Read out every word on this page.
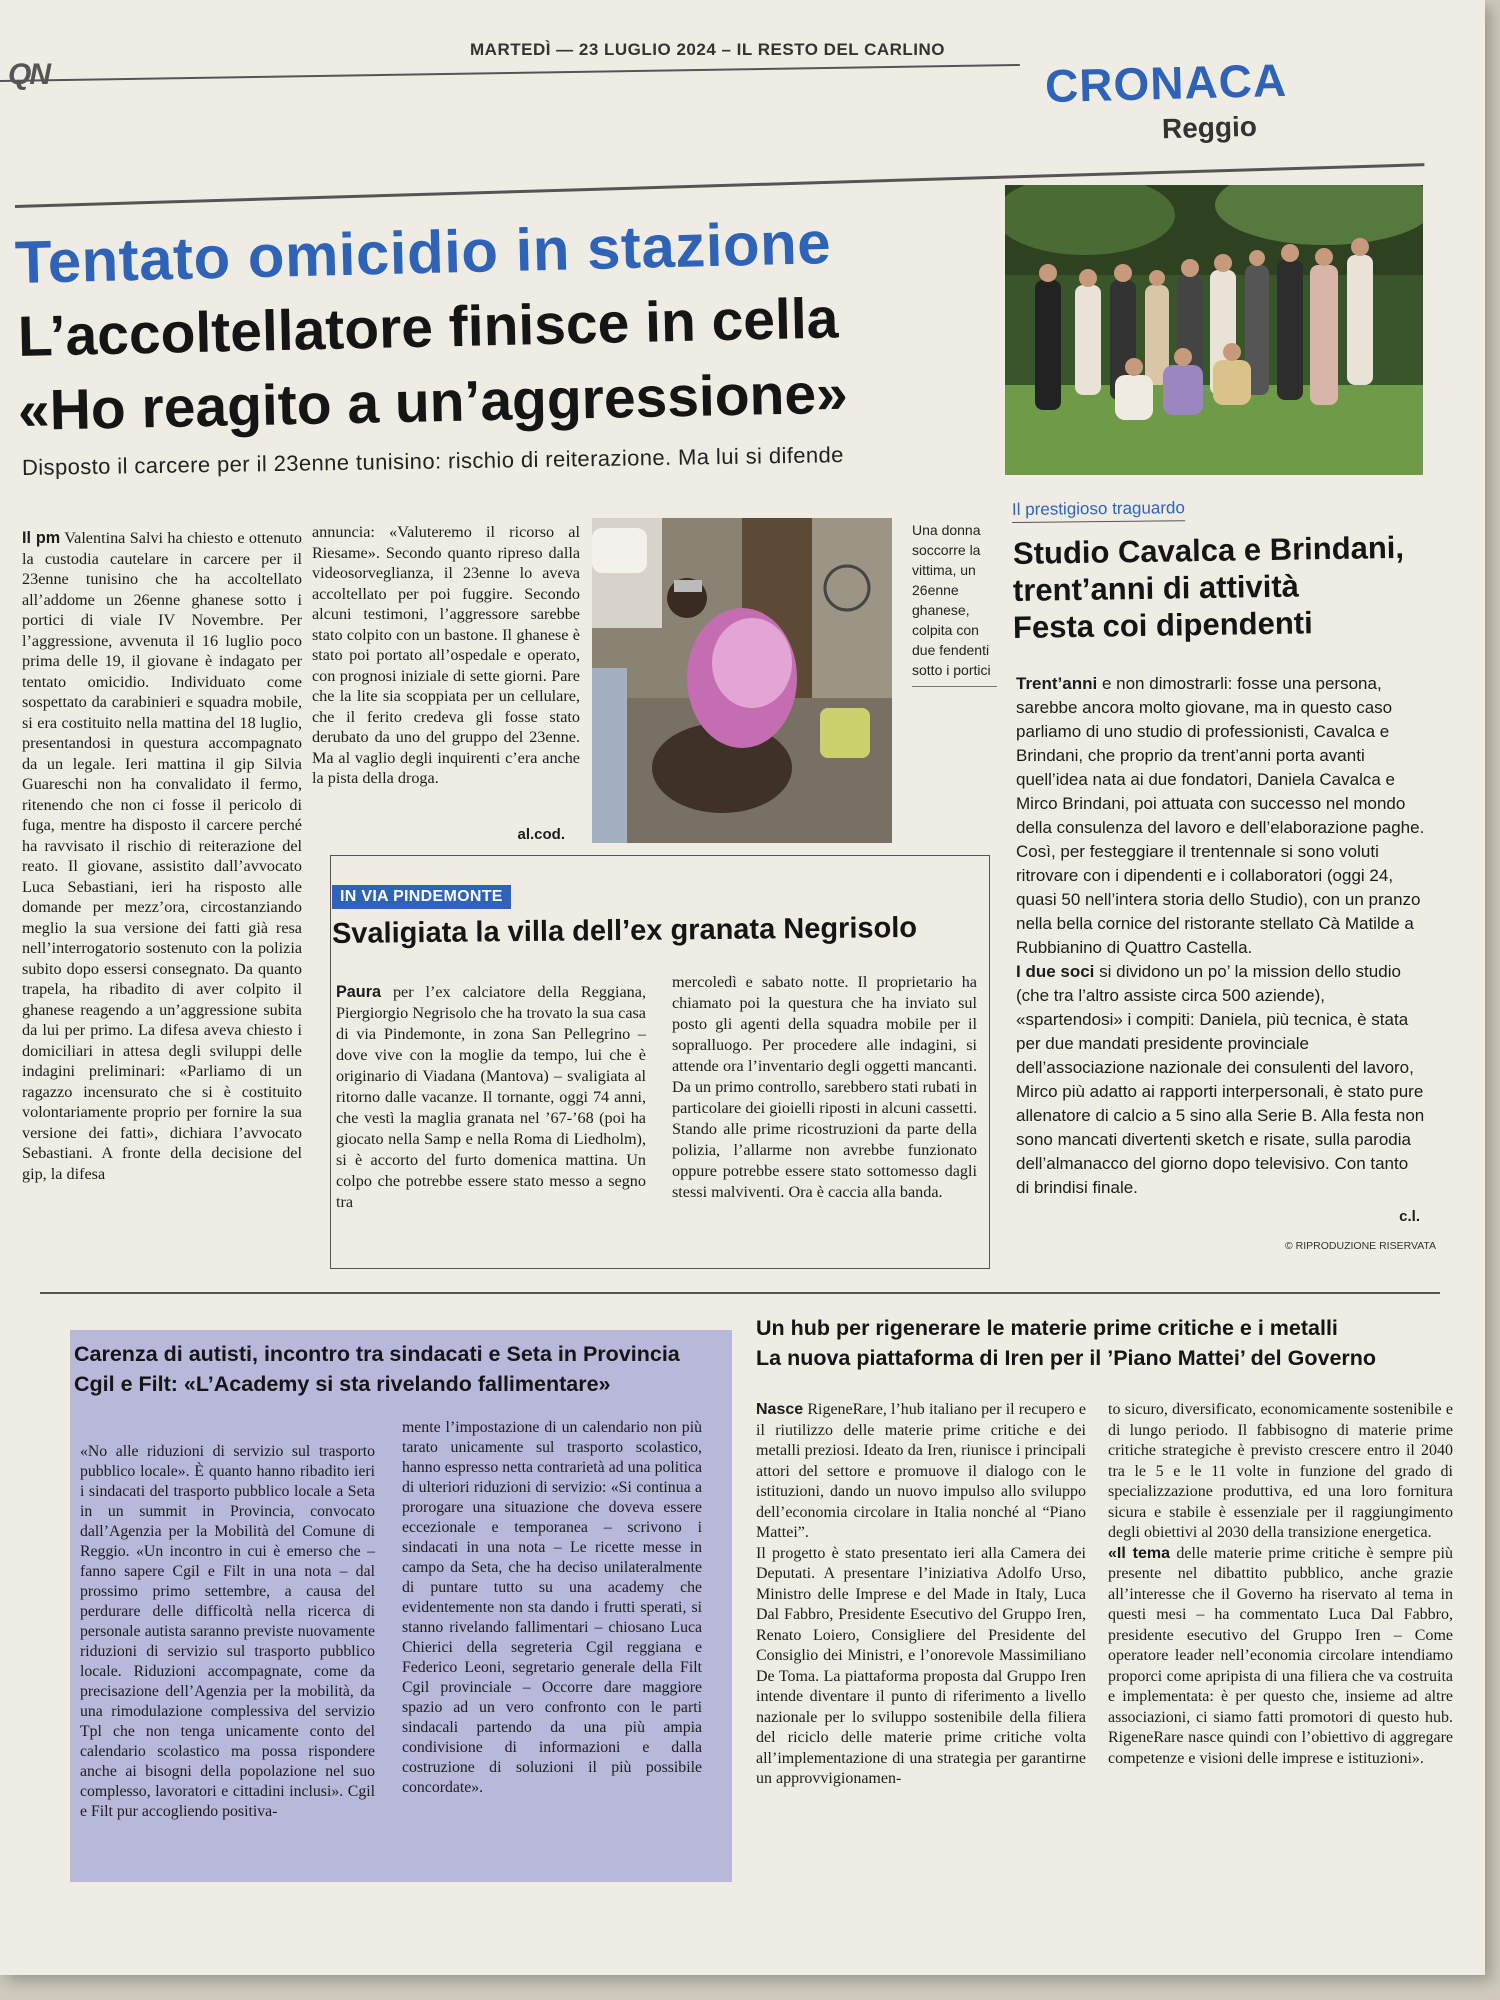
QN
MARTEDÌ — 23 LUGLIO 2024 – IL RESTO DEL CARLINO
CRONACA
Reggio
Tentato omicidio in stazione
L’accoltellatore finisce in cella
«Ho reagito a un’aggressione»
Disposto il carcere per il 23enne tunisino: rischio di reiterazione. Ma lui si difende
Il pm Valentina Salvi ha chiesto e ottenuto la custodia cautelare in carcere per il 23enne tunisino che ha accoltellato all’addome un 26enne ghanese sotto i portici di viale IV Novembre. Per l’aggressione, avvenuta il 16 luglio poco prima delle 19, il giovane è indagato per tentato omicidio. Individuato come sospettato da carabinieri e squadra mobile, si era costituito nella mattina del 18 luglio, presentandosi in questura accompagnato da un legale. Ieri mattina il gip Silvia Guareschi non ha convalidato il fermo, ritenendo che non ci fosse il pericolo di fuga, mentre ha disposto il carcere perché ha ravvisato il rischio di reiterazione del reato. Il giovane, assistito dall’avvocato Luca Sebastiani, ieri ha risposto alle domande per mezz’ora, circostanziando meglio la sua versione dei fatti già resa nell’interrogatorio sostenuto con la polizia subito dopo essersi consegnato. Da quanto trapela, ha ribadito di aver colpito il ghanese reagendo a un’aggressione subita da lui per primo. La difesa aveva chiesto i domiciliari in attesa degli sviluppi delle indagini preliminari: «Parliamo di un ragazzo incensurato che si è costituito volontariamente proprio per fornire la sua versione dei fatti», dichiara l’avvocato Sebastiani. A fronte della decisione del gip, la difesa
annuncia: «Valuteremo il ricorso al Riesame». Secondo quanto ripreso dalla videosorveglianza, il 23enne lo aveva accoltellato per poi fuggire. Secondo alcuni testimoni, l’aggressore sarebbe stato colpito con un bastone. Il ghanese è stato poi portato all’ospedale e operato, con prognosi iniziale di sette giorni. Pare che la lite sia scoppiata per un cellulare, che il ferito credeva gli fosse stato derubato da uno del gruppo del 23enne. Ma al vaglio degli inquirenti c’era anche la pista della droga.
al.cod.
Una donna soccorre la vittima, un 26enne ghanese, colpita con due fendenti sotto i portici
IN VIA PINDEMONTE
Svaligiata la villa dell’ex granata Negrisolo
Paura per l’ex calciatore della Reggiana, Piergiorgio Negrisolo che ha trovato la sua casa di via Pindemonte, in zona San Pellegrino – dove vive con la moglie da tempo, lui che è originario di Viadana (Mantova) – svaligiata al ritorno dalle vacanze. Il tornante, oggi 74 anni, che vestì la maglia granata nel ’67-’68 (poi ha giocato nella Samp e nella Roma di Liedholm), si è accorto del furto domenica mattina. Un colpo che potrebbe essere stato messo a segno tra
mercoledì e sabato notte. Il proprietario ha chiamato poi la questura che ha inviato sul posto gli agenti della squadra mobile per il sopralluogo. Per procedere alle indagini, si attende ora l’inventario degli oggetti mancanti. Da un primo controllo, sarebbero stati rubati in particolare dei gioielli riposti in alcuni cassetti. Stando alle prime ricostruzioni da parte della polizia, l’allarme non avrebbe funzionato oppure potrebbe essere stato sottomesso dagli stessi malviventi. Ora è caccia alla banda.
Il prestigioso traguardo
Studio Cavalca e Brindani,
trent’anni di attività
Festa coi dipendenti

Trent’anni e non dimostrarli: fosse una persona, sarebbe ancora molto giovane, ma in questo caso parliamo di uno studio di professionisti, Cavalca e Brindani, che proprio da trent’anni porta avanti quell’idea nata ai due fondatori, Daniela Cavalca e Mirco Brindani, poi attuata con successo nel mondo della consulenza del lavoro e dell’elaborazione paghe. Così, per festeggiare il trentennale si sono voluti ritrovare con i dipendenti e i collaboratori (oggi 24, quasi 50 nell’intera storia dello Studio), con un pranzo nella bella cornice del ristorante stellato Cà Matilde a Rubbianino di Quattro Castella.

I due soci si dividono un po’ la mission dello studio (che tra l’altro assiste circa 500 aziende), «spartendosi» i compiti: Daniela, più tecnica, è stata per due mandati presidente provinciale dell’associazione nazionale dei consulenti del lavoro, Mirco più adatto ai rapporti interpersonali, è stato pure allenatore di calcio a 5 sino alla Serie B. Alla festa non sono mancati divertenti sketch e risate, sulla parodia dell’almanacco del giorno dopo televisivo. Con tanto di brindisi finale.

c.l.
© RIPRODUZIONE RISERVATA
Carenza di autisti, incontro tra sindacati e Seta in Provincia
Cgil e Filt: «L’Academy si sta rivelando fallimentare»
«No alle riduzioni di servizio sul trasporto pubblico locale». È quanto hanno ribadito ieri i sindacati del trasporto pubblico locale a Seta in un summit in Provincia, convocato dall’Agenzia per la Mobilità del Comune di Reggio. «Un incontro in cui è emerso che – fanno sapere Cgil e Filt in una nota – dal prossimo primo settembre, a causa del perdurare delle difficoltà nella ricerca di personale autista saranno previste nuovamente riduzioni di servizio sul trasporto pubblico locale. Riduzioni accompagnate, come da precisazione dell’Agenzia per la mobilità, da una rimodulazione complessiva del servizio Tpl che non tenga unicamente conto del calendario scolastico ma possa rispondere anche ai bisogni della popolazione nel suo complesso, lavoratori e cittadini inclusi». Cgil e Filt pur accogliendo positiva-
mente l’impostazione di un calendario non più tarato unicamente sul trasporto scolastico, hanno espresso netta contrarietà ad una politica di ulteriori riduzioni di servizio: «Si continua a prorogare una situazione che doveva essere eccezionale e temporanea – scrivono i sindacati in una nota – Le ricette messe in campo da Seta, che ha deciso unilateralmente di puntare tutto su una academy che evidentemente non sta dando i frutti sperati, si stanno rivelando fallimentari – chiosano Luca Chierici della segreteria Cgil reggiana e Federico Leoni, segretario generale della Filt Cgil provinciale – Occorre dare maggiore spazio ad un vero confronto con le parti sindacali partendo da una più ampia condivisione di informazioni e dalla costruzione di soluzioni il più possibile concordate».
Un hub per rigenerare le materie prime critiche e i metalli
La nuova piattaforma di Iren per il ’Piano Mattei’ del Governo

Nasce RigeneRare, l’hub italiano per il recupero e il riutilizzo delle materie prime critiche e dei metalli preziosi. Ideato da Iren, riunisce i principali attori del settore e promuove il dialogo con le istituzioni, dando un nuovo impulso allo sviluppo dell’economia circolare in Italia nonché al “Piano Mattei”.

Il progetto è stato presentato ieri alla Camera dei Deputati. A presentare l’iniziativa Adolfo Urso, Ministro delle Imprese e del Made in Italy, Luca Dal Fabbro, Presidente Esecutivo del Gruppo Iren, Renato Loiero, Consigliere del Presidente del Consiglio dei Ministri, e l’onorevole Massimiliano De Toma. La piattaforma proposta dal Gruppo Iren intende diventare il punto di riferimento a livello nazionale per lo sviluppo sostenibile della filiera del riciclo delle materie prime critiche volta all’implementazione di una strategia per garantirne un approvvigionamen-

to sicuro, diversificato, economicamente sostenibile e di lungo periodo. Il fabbisogno di materie prime critiche strategiche è previsto crescere entro il 2040 tra le 5 e le 11 volte in funzione del grado di specializzazione produttiva, ed una loro fornitura sicura e stabile è essenziale per il raggiungimento degli obiettivi al 2030 della transizione energetica.

«Il tema delle materie prime critiche è sempre più presente nel dibattito pubblico, anche grazie all’interesse che il Governo ha riservato al tema in questi mesi – ha commentato Luca Dal Fabbro, presidente esecutivo del Gruppo Iren – Come operatore leader nell’economia circolare intendiamo proporci come apripista di una filiera che va costruita e implementata: è per questo che, insieme ad altre associazioni, ci siamo fatti promotori di questo hub. RigeneRare nasce quindi con l’obiettivo di aggregare competenze e visioni delle imprese e istituzioni».
